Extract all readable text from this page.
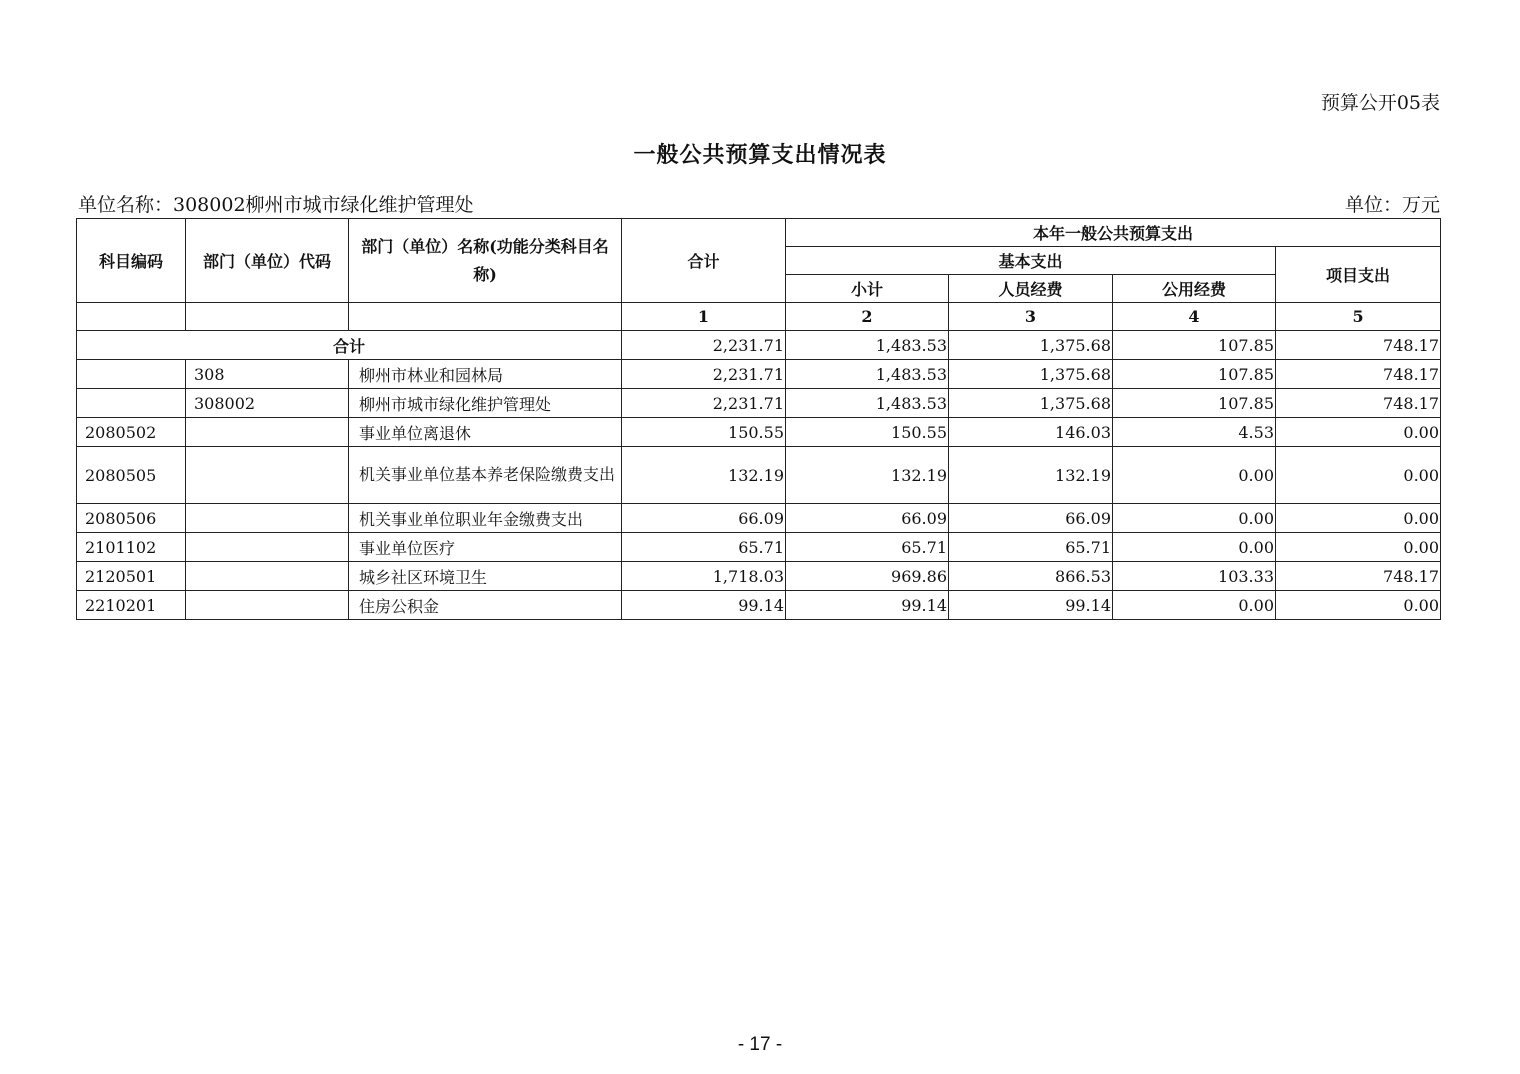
预算公开05表
一般公共预算支出情况表
单位名称：308002柳州市城市绿化维护管理处	单位：万元
科目编码	部门（单位）代码	部门（单位）名称(功能分类科目名称)	合计	本年一般公共预算支出			
				基本支出			项目支出
				小计	人员经费	公用经费	
			1	2	3	4	5
合计			2,231.71	1,483.53	1,375.68	107.85	748.17
	308	柳州市林业和园林局	2,231.71	1,483.53	1,375.68	107.85	748.17
	308002	柳州市城市绿化维护管理处	2,231.71	1,483.53	1,375.68	107.85	748.17
2080502		事业单位离退休	150.55	150.55	146.03	4.53	0.00
2080505		机关事业单位基本养老保险缴费支出	132.19	132.19	132.19	0.00	0.00
2080506		机关事业单位职业年金缴费支出	66.09	66.09	66.09	0.00	0.00
2101102		事业单位医疗	65.71	65.71	65.71	0.00	0.00
2120501		城乡社区环境卫生	1,718.03	969.86	866.53	103.33	748.17
2210201		住房公积金	99.14	99.14	99.14	0.00	0.00
- 17 -
